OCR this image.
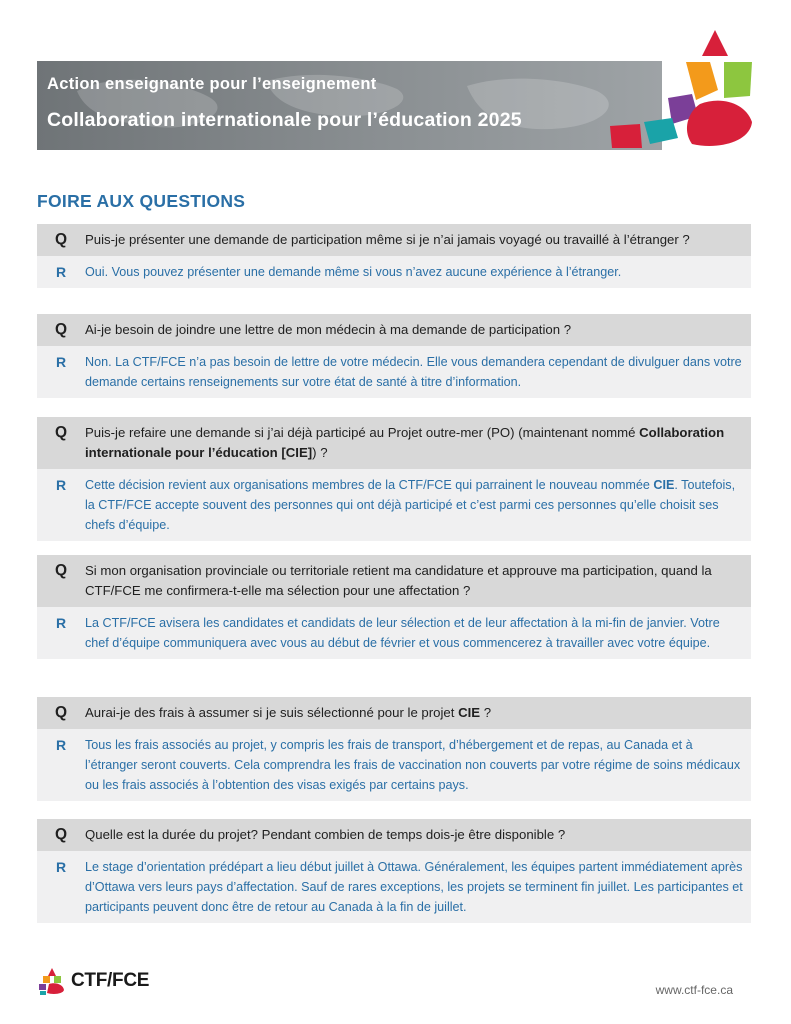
Action enseignante pour l’enseignement
Collaboration internationale pour l’éducation 2025
FOIRE AUX QUESTIONS
Q	Puis-je présenter une demande de participation même si je n’ai jamais voyagé ou travaillé à l’étranger ?
R	Oui. Vous pouvez présenter une demande même si vous n’avez aucune expérience à l’étranger.
Q	Ai-je besoin de joindre une lettre de mon médecin à ma demande de participation ?
R	Non. La CTF/FCE n’a pas besoin de lettre de votre médecin. Elle vous demandera cependant de divulguer dans votre demande certains renseignements sur votre état de santé à titre d’information.
Q	Puis-je refaire une demande si j’ai déjà participé au Projet outre-mer (PO) (maintenant nommé Collaboration internationale pour l’éducation [CIE]) ?
R	Cette décision revient aux organisations membres de la CTF/FCE qui parrainent le nouveau nommée CIE. Toutefois, la CTF/FCE accepte souvent des personnes qui ont déjà participé et c’est parmi ces personnes qu’elle choisit ses chefs d’équipe.
Q	Si mon organisation provinciale ou territoriale retient ma candidature et approuve ma participation, quand la CTF/FCE me confirmera-t-elle ma sélection pour une affectation ?
R	La CTF/FCE avisera les candidates et candidats de leur sélection et de leur affectation à la mi-fin de janvier. Votre chef d’équipe communiquera avec vous au début de février et vous commencerez à travailler avec votre équipe.
Q	Aurai-je des frais à assumer si je suis sélectionné pour le projet CIE ?
R	Tous les frais associés au projet, y compris les frais de transport, d’hébergement et de repas, au Canada et à l’étranger seront couverts. Cela comprendra les frais de vaccination non couverts par votre régime de soins médicaux ou les frais associés à l’obtention des visas exigés par certains pays.
Q	Quelle est la durée du projet? Pendant combien de temps dois-je être disponible ?
R	Le stage d’orientation prédépart a lieu début juillet à Ottawa. Généralement, les équipes partent immédiatement après d’Ottawa vers leurs pays d’affectation. Sauf de rares exceptions, les projets se terminent fin juillet. Les participantes et participants peuvent donc être de retour au Canada à la fin de juillet.
CTF/FCE	www.ctf-fce.ca
